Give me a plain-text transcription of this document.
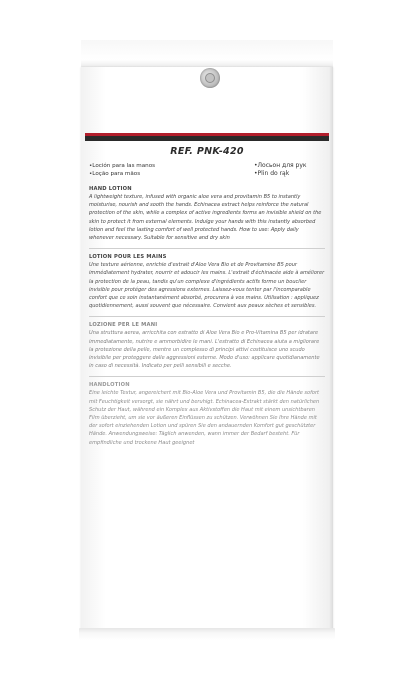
REF. PNK-420
•Loción para las manos	•Лосьон для рук
•Loção para mãos	•Plin do rąk
HAND LOTION

A lightweight texture, infused with organic aloe vera and provitamin B5 to instantly moisturise, nourish and sooth the hands. Echinacea extract helps reinforce the natural protection of the skin, while a complex of active ingredients forms an invisible shield on the skin to protect it from external elements. Indulge your hands with this instantly absorbed lotion and feel the lasting comfort of well protected hands. How to use: Apply daily whenever necessary. Suitable for sensitive and dry skin

LOTION POUR LES MAINS

Une texture aérienne, enrichie d'extrait d'Aloe Vera Bio et de Provitamine B5 pour immédiatement hydrater, nourrir et adoucir les mains. L'extrait d'échinacée aide à améliorer la protection de la peau, tandis qu'un complexe d'ingrédients actifs forme un bouclier invisible pour protéger des agressions externes. Laissez-vous tenter par l'incomparable confort que ce soin instantanément absorbé, procurera à vos mains. Utilisation : appliquez quotidiennement, aussi souvent que nécessaire. Convient aux peaux sèches et sensibles.

LOZIONE PER LE MANI

Una struttura aerea, arricchita con estratto di Aloe Vera Bio e Pro-Vitamina B5 per idratare immediatamente, nutrire e ammorbidire le mani. L'estratto di Echinacea aiuta a migliorare la protezione della pelle, mentre un complesso di principi attivi costituisce uno scudo invisibile per proteggere dalle aggressioni esterne. Modo d'uso: applicare quotidianamente in caso di necessità. Indicato per pelli sensibili e secche.

HANDLOTION

Eine leichte Textur, angereichert mit Bio-Aloe Vera und Provitamin B5, die die Hände sofort mit Feuchtigkeit versorgt, sie nährt und beruhigt. Echinacea-Extrakt stärkt den natürlichen Schutz der Haut, während ein Komplex aus Aktivstoffen die Haut mit einem unsichtbaren Film überzieht, um sie vor äußeren Einflüssen zu schützen. Verwöhnen Sie Ihre Hände mit der sofort einziehenden Lotion und spüren Sie den andauernden Komfort gut geschützter Hände. Anwendungsweise: Täglich anwenden, wann immer der Bedarf besteht. Für empfindliche und trockene Haut geeignet
